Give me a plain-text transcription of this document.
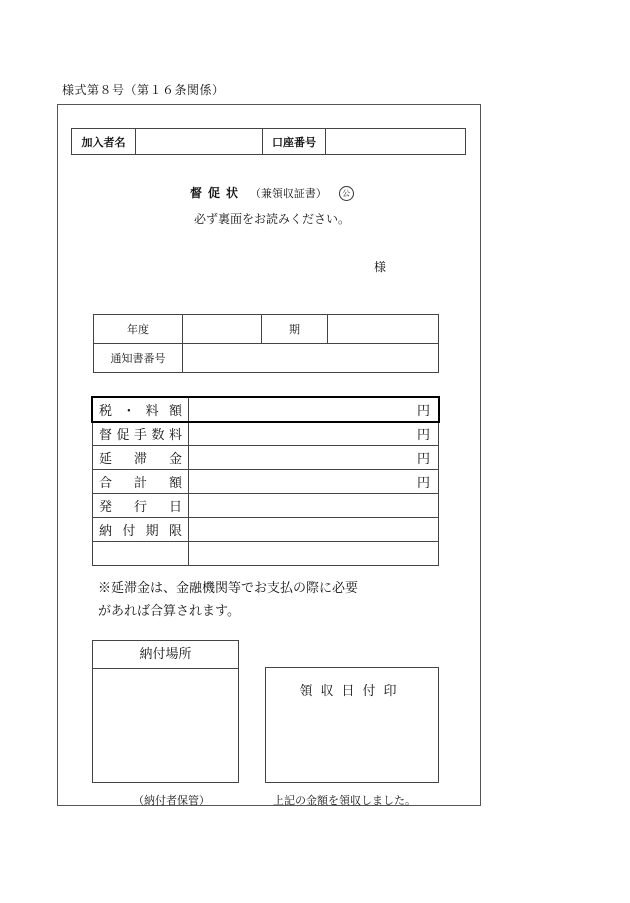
様式第８号（第１６条関係）
加入者名		口座番号	
督促状 （兼領収証書） 公
必ず裏面をお読みください。
様
年度		期	
通知書番号			
税 ・ 料 額	円

督 促 手 数 料	円

延 滞 金	円

合 計 額	円

発 行 日	

納 付 期 限	

※延滞金は、金融機関等でお支払の際に必要
があれば合算されます。
納付場所
領収日付印
（納付者保管）	上記の金額を領収しました。
